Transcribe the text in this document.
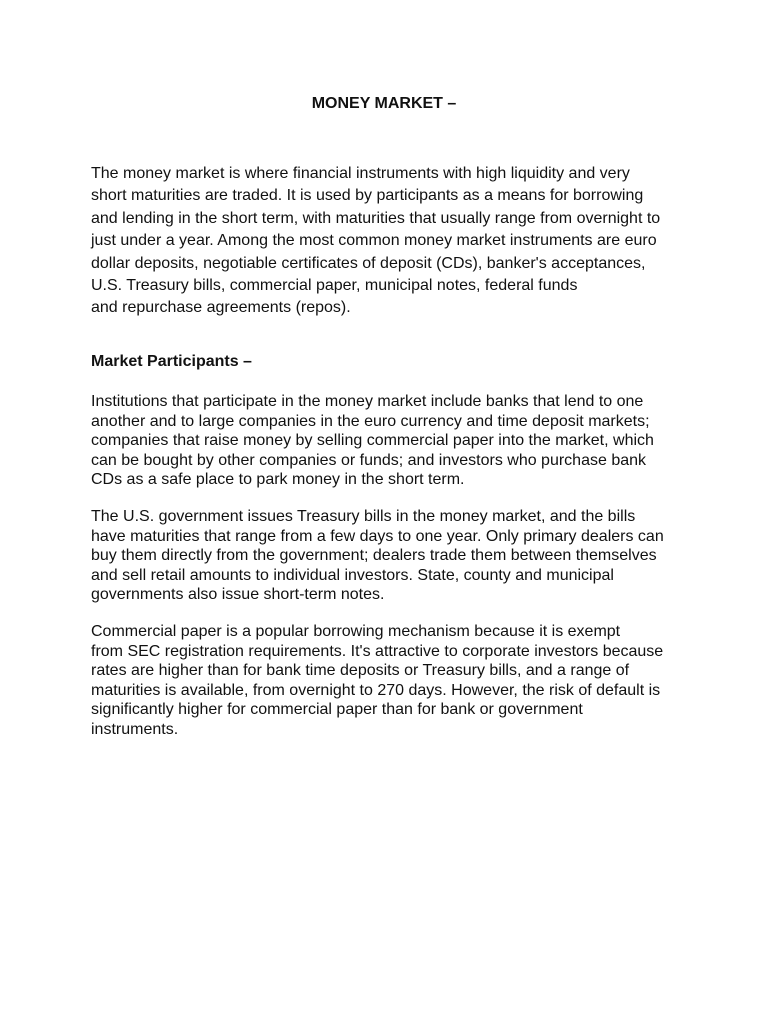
MONEY MARKET –

The money market is where financial instruments with high liquidity and very
short maturities are traded. It is used by participants as a means for borrowing
and lending in the short term, with maturities that usually range from overnight to
just under a year. Among the most common money market instruments are euro
dollar deposits, negotiable certificates of deposit (CDs), banker's acceptances,
U.S. Treasury bills, commercial paper, municipal notes, federal funds
and repurchase agreements (repos).

Market Participants –

Institutions that participate in the money market include banks that lend to one
another and to large companies in the euro currency and time deposit markets;
companies that raise money by selling commercial paper into the market, which
can be bought by other companies or funds; and investors who purchase bank
CDs as a safe place to park money in the short term.

The U.S. government issues Treasury bills in the money market, and the bills
have maturities that range from a few days to one year. Only primary dealers can
buy them directly from the government; dealers trade them between themselves
and sell retail amounts to individual investors. State, county and municipal
governments also issue short-term notes.

Commercial paper is a popular borrowing mechanism because it is exempt
from SEC registration requirements. It's attractive to corporate investors because
rates are higher than for bank time deposits or Treasury bills, and a range of
maturities is available, from overnight to 270 days. However, the risk of default is
significantly higher for commercial paper than for bank or government
instruments.
